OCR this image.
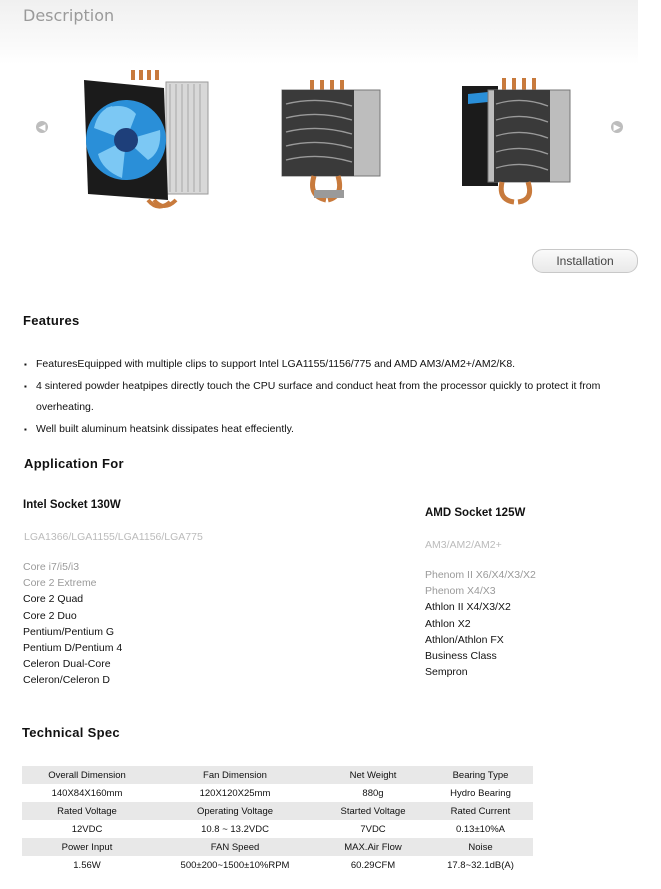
Description
◀	▶
Installation
Features
▪ FeaturesEquipped with multiple clips to support Intel LGA1155/1156/775 and AMD AM3/AM2+/AM2/K8.
▪ 4 sintered powder heatpipes directly touch the CPU surface and conduct heat from the processor quickly to protect it from overheating.
▪ Well built aluminum heatsink dissipates heat effeciently.
Application For
Intel Socket 130W
LGA1366/LGA1155/LGA1156/LGA775
Core i7/i5/i3
Core 2 Extreme
Core 2 Quad
Core 2 Duo
Pentium/Pentium G
Pentium D/Pentium 4
Celeron Dual-Core
Celeron/Celeron D
AMD Socket 125W
AM3/AM2/AM2+
Phenom II X6/X4/X3/X2
Phenom X4/X3
Athlon II X4/X3/X2
Athlon X2
Athlon/Athlon FX
Business Class
Sempron
Technical Spec
Overall Dimension	Fan Dimension	Net Weight	Bearing Type
140X84X160mm	120X120X25mm	880g	Hydro Bearing
Rated Voltage	Operating Voltage	Started Voltage	Rated Current
12VDC	10.8 ~ 13.2VDC	7VDC	0.13±10%A
Power Input	FAN Speed	MAX.Air Flow	Noise
1.56W	500±200~1500±10%RPM	60.29CFM	17.8~32.1dB(A)
